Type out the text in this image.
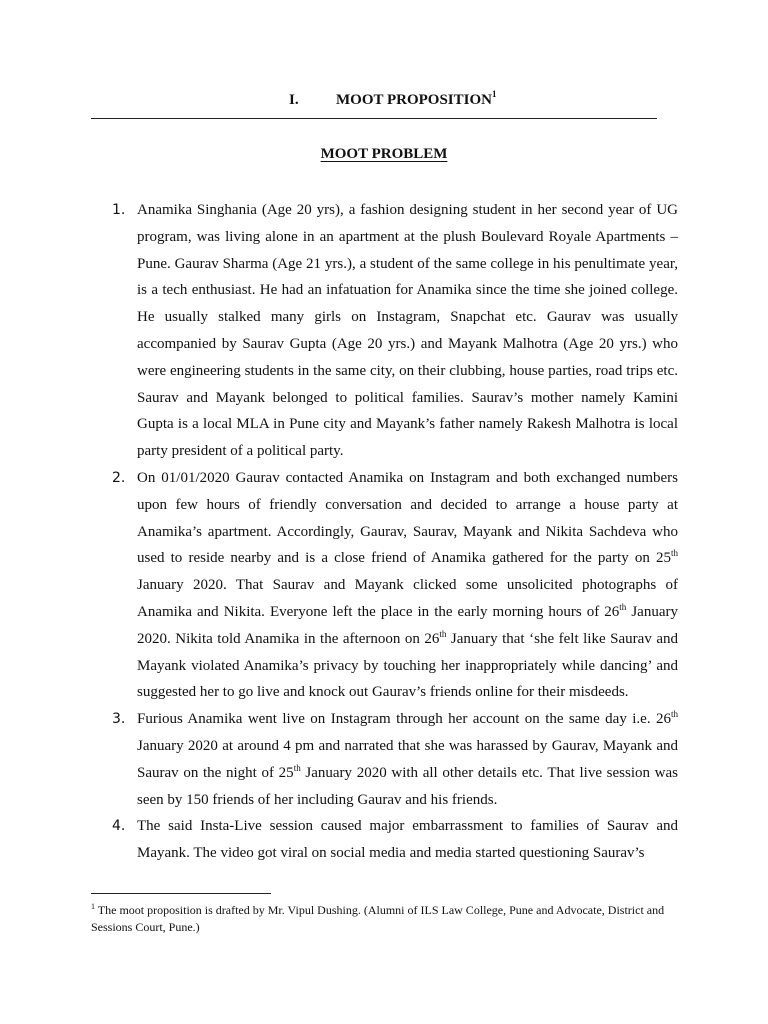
I. MOOT PROPOSITION$^1$
MOOT PROBLEM
1. Anamika Singhania (Age 20 yrs), a fashion designing student in her second year of UG program, was living alone in an apartment at the plush Boulevard Royale Apartments – Pune. Gaurav Sharma (Age 21 yrs.), a student of the same college in his penultimate year, is a tech enthusiast. He had an infatuation for Anamika since the time she joined college. He usually stalked many girls on Instagram, Snapchat etc. Gaurav was usually accompanied by Saurav Gupta (Age 20 yrs.) and Mayank Malhotra (Age 20 yrs.) who were engineering students in the same city, on their clubbing, house parties, road trips etc. Saurav and Mayank belonged to political families. Saurav’s mother namely Kamini Gupta is a local MLA in Pune city and Mayank’s father namely Rakesh Malhotra is local party president of a political party.
2. On 01/01/2020 Gaurav contacted Anamika on Instagram and both exchanged numbers upon few hours of friendly conversation and decided to arrange a house party at Anamika’s apartment. Accordingly, Gaurav, Saurav, Mayank and Nikita Sachdeva who used to reside nearby and is a close friend of Anamika gathered for the party on 25th January 2020. That Saurav and Mayank clicked some unsolicited photographs of Anamika and Nikita. Everyone left the place in the early morning hours of 26th January 2020. Nikita told Anamika in the afternoon on 26th January that ‘she felt like Saurav and Mayank violated Anamika’s privacy by touching her inappropriately while dancing’ and suggested her to go live and knock out Gaurav’s friends online for their misdeeds.
3. Furious Anamika went live on Instagram through her account on the same day i.e. 26th January 2020 at around 4 pm and narrated that she was harassed by Gaurav, Mayank and Saurav on the night of 25th January 2020 with all other details etc. That live session was seen by 150 friends of her including Gaurav and his friends.
4. The said Insta-Live session caused major embarrassment to families of Saurav and Mayank. The video got viral on social media and media started questioning Saurav’s
$^1$ The moot proposition is drafted by Mr. Vipul Dushing. (Alumni of ILS Law College, Pune and Advocate, District and Sessions Court, Pune.)
